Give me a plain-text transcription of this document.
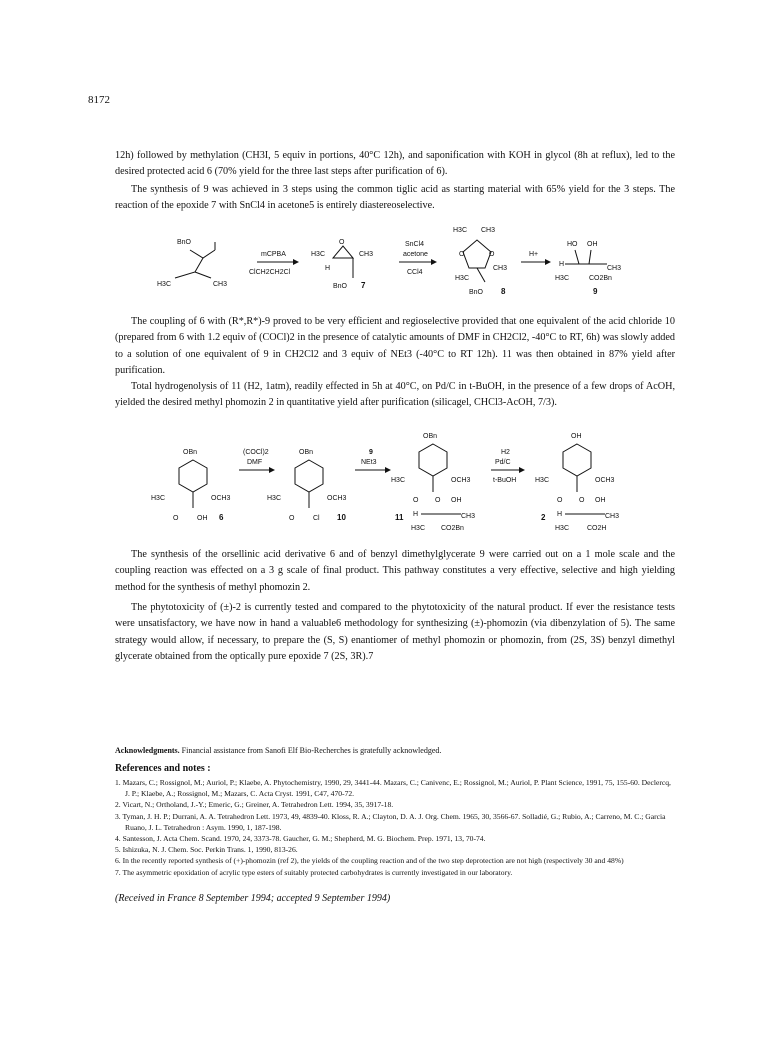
8172

12h) followed by methylation (CH3I, 5 equiv in portions, 40°C 12h), and saponification with KOH in glycol (8h at reflux), led to the desired protected acid 6 (70% yield for the three last steps after purification of 6).

The synthesis of 9 was achieved in 3 steps using the common tiglic acid as starting material with 65% yield for the 3 steps. The reaction of the epoxide 7 with SnCl4 in acetone5 is entirely diastereoselective.

BnO
H3C	CH3
mCPBA
ClCH2CH2Cl
H3C
O
CH3
H
BnO 7
SnCl4
acetone
CCl4
H3C CH3
O	O
CH3
H3C
BnO 8
H+
HO OH
H
CH3
H3C	CO2Bn
9

The coupling of 6 with (R*,R*)-9 proved to be very efficient and regioselective provided that one equivalent of the acid chloride 10 (prepared from 6 with 1.2 equiv of (COCl)2 in the presence of catalytic amounts of DMF in CH2Cl2, -40°C to RT, 6h) was slowly added to a solution of one equivalent of 9 in CH2Cl2 and 3 equiv of NEt3 (-40°C to RT 12h). 11 was then obtained in 87% yield after purification.

Total hydrogenolysis of 11 (H2, 1atm), readily effected in 5h at 40°C, on Pd/C in t-BuOH, in the presence of a few drops of AcOH, yielded the desired methyl phomozin 2 in quantitative yield after purification (silicagel, CHCl3-AcOH, 7/3).

OBn
H3C	OCH3
O	OH 6
(COCl)2
DMF
OBn
H3C	OCH3
O	Cl 10
9
NEt3
OBn
H3C	OCH3
O O OH
H	CH3
H3C CO2Bn
11
H2
Pd/C
t-BuOH
OH
H3C	OCH3
O O OH
H	CH3
H3C	CO2H
2

The synthesis of the orsellinic acid derivative 6 and of benzyl dimethylglycerate 9 were carried out on a 1 mole scale and the coupling reaction was effected on a 3 g scale of final product. This pathway constitutes a very effective, selective and high yielding method for the synthesis of methyl phomozin 2.

The phytotoxicity of (±)-2 is currently tested and compared to the phytotoxicity of the natural product. If ever the resistance tests were unsatisfactory, we have now in hand a valuable6 methodology for synthesizing (±)-phomozin (via dibenzylation of 5). The same strategy would allow, if necessary, to prepare the (S, S) enantiomer of methyl phomozin or phomozin, from (2S, 3S) benzyl dimethyl glycerate obtained from the optically pure epoxide 7 (2S, 3R).7

Acknowledgments. Financial assistance from Sanofi Elf Bio-Recherches is gratefully acknowledged.
References and notes :
1. Mazars, C.; Rossignol, M.; Auriol, P.; Klaebe, A. Phytochemistry, 1990, 29, 3441-44. Mazars, C.; Canivenc, E.; Rossignol, M.; Auriol, P. Plant Science, 1991, 75, 155-60. Declercq, J. P.; Klaebe, A.; Rossignol, M.; Mazars, C. Acta Cryst. 1991, C47, 470-72.
2. Vicart, N.; Ortholand, J.-Y.; Emeric, G.; Greiner, A. Tetrahedron Lett. 1994, 35, 3917-18.
3. Tyman, J. H. P.; Durrani, A. A. Tetrahedron Lett. 1973, 49, 4839-40. Kloss, R. A.; Clayton, D. A. J. Org. Chem. 1965, 30, 3566-67. Solladié, G.; Rubio, A.; Carreno, M. C.; Garcia Ruano, J. L. Tetrahedron : Asym. 1990, 1, 187-198.
4. Santesson, J. Acta Chem. Scand. 1970, 24, 3373-78. Gaucher, G. M.; Shepherd, M. G. Biochem. Prep. 1971, 13, 70-74.
5. Ishizuka, N. J. Chem. Soc. Perkin Trans. 1, 1990, 813-26.
6. In the recently reported synthesis of (+)-phomozin (ref 2), the yields of the coupling reaction and of the two step deprotection are not high (respectively 30 and 48%)
7. The asymmetric epoxidation of acrylic type esters of suitably protected carbohydrates is currently investigated in our laboratory.
(Received in France 8 September 1994; accepted 9 September 1994)
